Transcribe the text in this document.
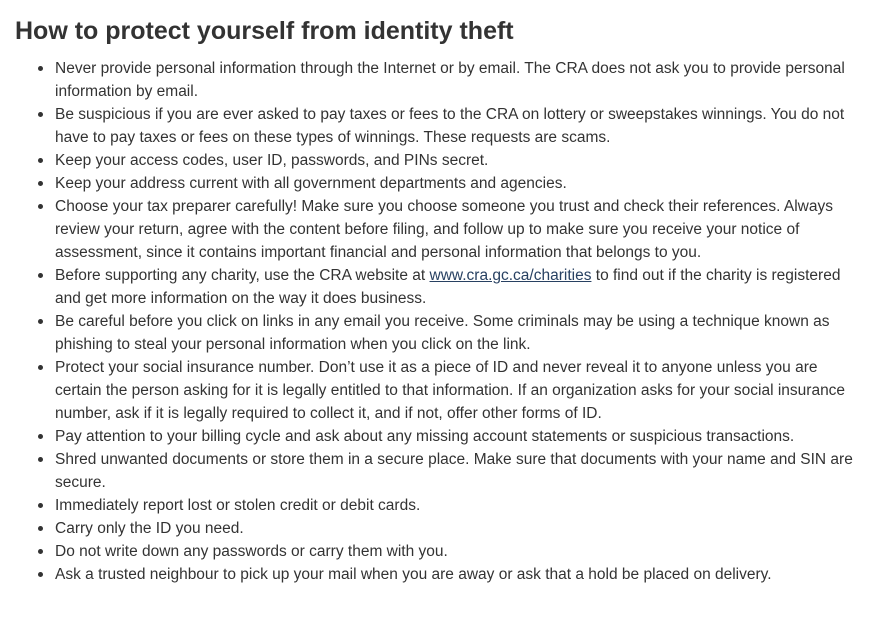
How to protect yourself from identity theft
Never provide personal information through the Internet or by email. The CRA does not ask you to provide personal information by email.
Be suspicious if you are ever asked to pay taxes or fees to the CRA on lottery or sweepstakes winnings. You do not have to pay taxes or fees on these types of winnings. These requests are scams.
Keep your access codes, user ID, passwords, and PINs secret.
Keep your address current with all government departments and agencies.
Choose your tax preparer carefully! Make sure you choose someone you trust and check their references. Always review your return, agree with the content before filing, and follow up to make sure you receive your notice of assessment, since it contains important financial and personal information that belongs to you.
Before supporting any charity, use the CRA website at www.cra.gc.ca/charities to find out if the charity is registered and get more information on the way it does business.
Be careful before you click on links in any email you receive. Some criminals may be using a technique known as phishing to steal your personal information when you click on the link.
Protect your social insurance number. Don’t use it as a piece of ID and never reveal it to anyone unless you are certain the person asking for it is legally entitled to that information. If an organization asks for your social insurance number, ask if it is legally required to collect it, and if not, offer other forms of ID.
Pay attention to your billing cycle and ask about any missing account statements or suspicious transactions.
Shred unwanted documents or store them in a secure place. Make sure that documents with your name and SIN are secure.
Immediately report lost or stolen credit or debit cards.
Carry only the ID you need.
Do not write down any passwords or carry them with you.
Ask a trusted neighbour to pick up your mail when you are away or ask that a hold be placed on delivery.
